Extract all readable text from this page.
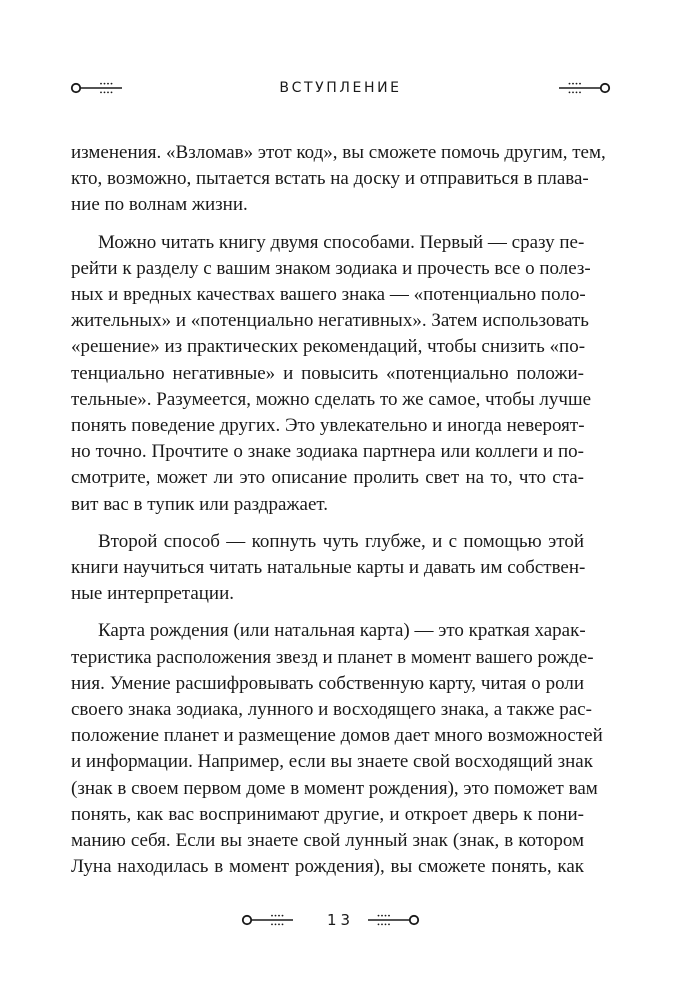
ВСТУПЛЕНИЕ

изменения. «Взломав» этот код», вы сможете помочь другим, тем,
кто, возможно, пытается встать на доску и отправиться в плава-
ние по волнам жизни.

Можно читать книгу двумя способами. Первый — сразу пе-
рейти к разделу с вашим знаком зодиака и прочесть все о полез-
ных и вредных качествах вашего знака — «потенциально поло-
жительных» и «потенциально негативных». Затем использовать
«решение» из практических рекомендаций, чтобы снизить «по-
тенциально негативные» и повысить «потенциально положи-
тельные». Разумеется, можно сделать то же самое, чтобы лучше
понять поведение других. Это увлекательно и иногда невероят-
но точно. Прочтите о знаке зодиака партнера или коллеги и по-
смотрите, может ли это описание пролить свет на то, что ста-
вит вас в тупик или раздражает.

Второй способ — копнуть чуть глубже, и с помощью этой
книги научиться читать натальные карты и давать им собствен-
ные интерпретации.

Карта рождения (или натальная карта) — это краткая харак-
теристика расположения звезд и планет в момент вашего рожде-
ния. Умение расшифровывать собственную карту, читая о роли
своего знака зодиака, лунного и восходящего знака, а также рас-
положение планет и размещение домов дает много возможностей
и информации. Например, если вы знаете свой восходящий знак
(знак в своем первом доме в момент рождения), это поможет вам
понять, как вас воспринимают другие, и откроет дверь к пони-
манию себя. Если вы знаете свой лунный знак (знак, в котором
Луна находилась в момент рождения), вы сможете понять, как

13
